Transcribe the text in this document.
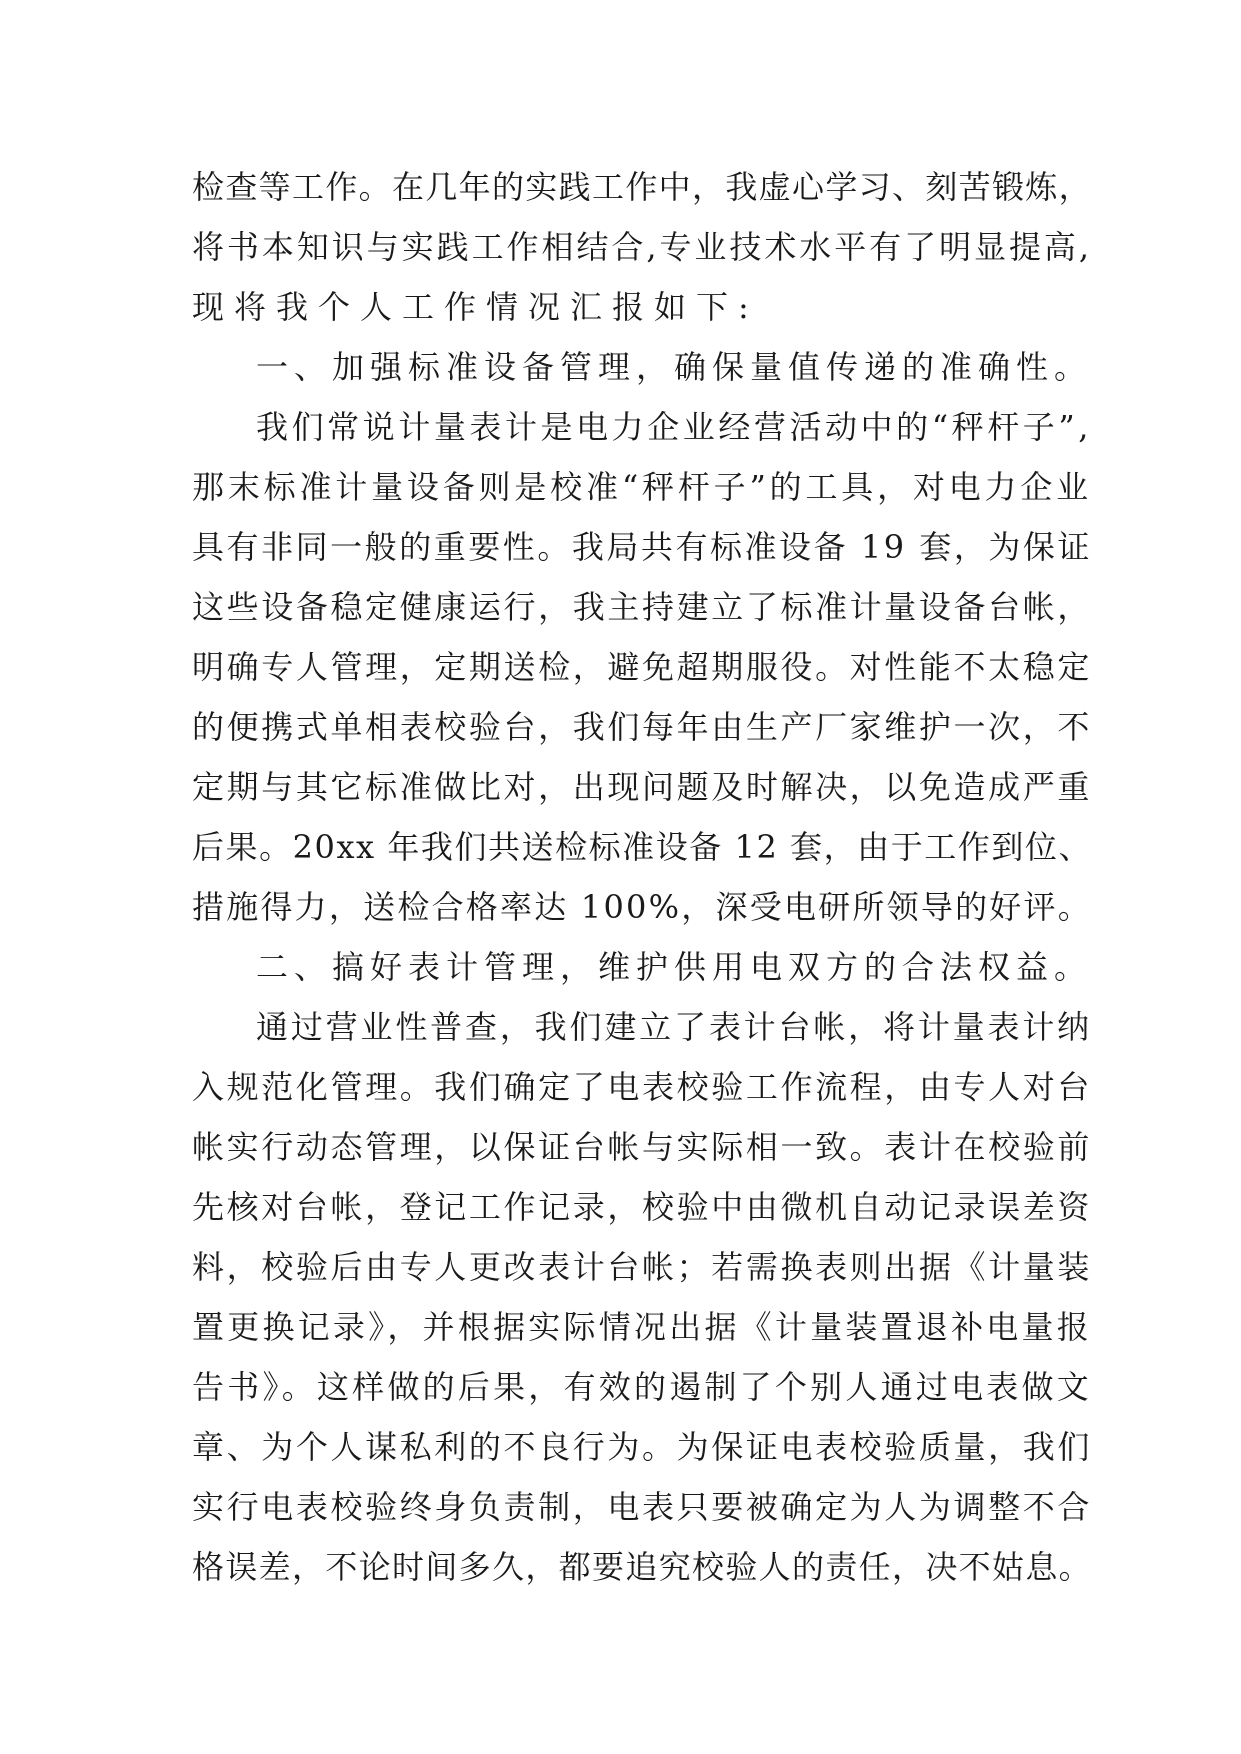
检查等工作。在几年的实践工作中，我虚心学习、刻苦锻炼，
将书本知识与实践工作相结合,专业技术水平有了明显提高,
现将我个人工作情况汇报如下:
一、加强标准设备管理，确保量值传递的准确性。
我们常说计量表计是电力企业经营活动中的“秤杆子”,
那末标准计量设备则是校准“秤杆子”的工具，对电力企业
具有非同一般的重要性。我局共有标准设备 19 套，为保证
这些设备稳定健康运行，我主持建立了标准计量设备台帐，
明确专人管理，定期送检，避免超期服役。对性能不太稳定
的便携式单相表校验台，我们每年由生产厂家维护一次，不
定期与其它标准做比对，出现问题及时解决，以免造成严重
后果。20xx 年我们共送检标准设备 12 套，由于工作到位、
措施得力，送检合格率达 100%，深受电研所领导的好评。
二、搞好表计管理，维护供用电双方的合法权益。
通过营业性普查，我们建立了表计台帐，将计量表计纳
入规范化管理。我们确定了电表校验工作流程，由专人对台
帐实行动态管理，以保证台帐与实际相一致。表计在校验前
先核对台帐，登记工作记录，校验中由微机自动记录误差资
料，校验后由专人更改表计台帐；若需换表则出据《计量装
置更换记录》，并根据实际情况出据《计量装置退补电量报
告书》。这样做的后果，有效的遏制了个别人通过电表做文
章、为个人谋私利的不良行为。为保证电表校验质量，我们
实行电表校验终身负责制，电表只要被确定为人为调整不合
格误差，不论时间多久，都要追究校验人的责任，决不姑息。
